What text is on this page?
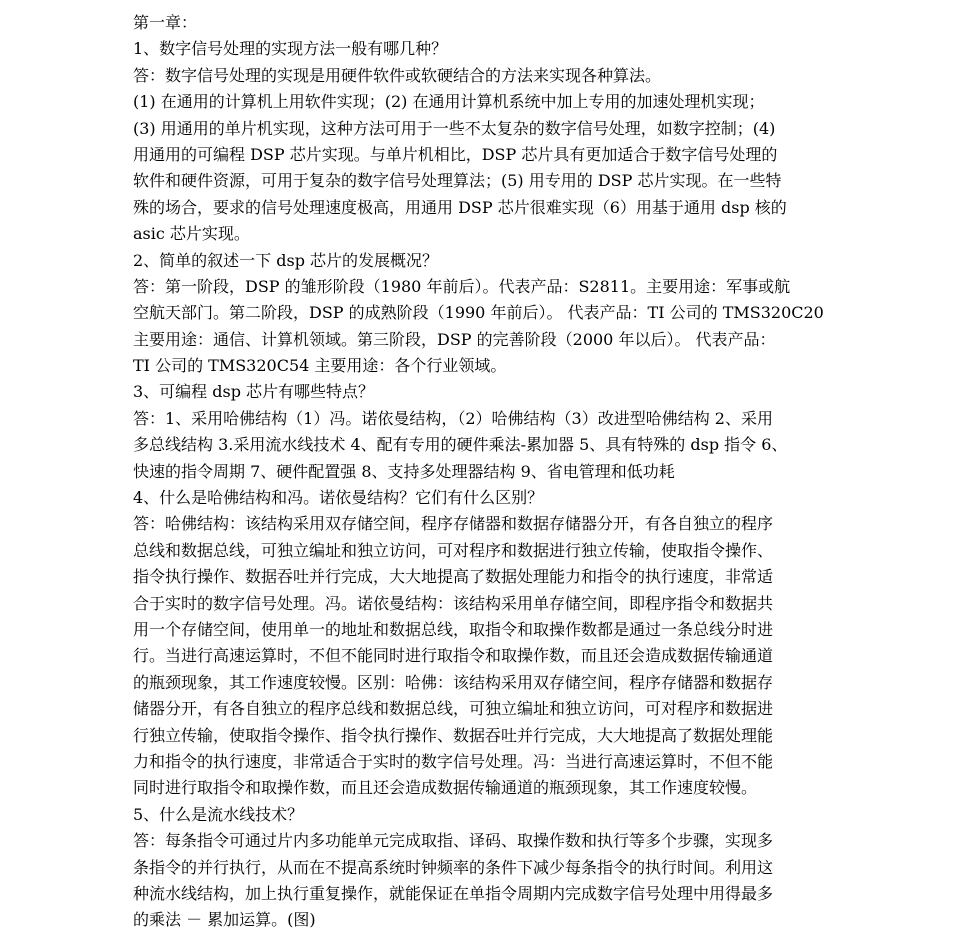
第一章：
1、数字信号处理的实现方法一般有哪几种？
答：数字信号处理的实现是用硬件软件或软硬结合的方法来实现各种算法。
(1) 在通用的计算机上用软件实现；(2) 在通用计算机系统中加上专用的加速处理机实现；
(3) 用通用的单片机实现，这种方法可用于一些不太复杂的数字信号处理，如数字控制；(4)
用通用的可编程 DSP 芯片实现。与单片机相比，DSP 芯片具有更加适合于数字信号处理的
软件和硬件资源，可用于复杂的数字信号处理算法；(5) 用专用的 DSP 芯片实现。在一些特
殊的场合，要求的信号处理速度极高，用通用 DSP 芯片很难实现（6）用基于通用 dsp 核的
asic 芯片实现。
2、简单的叙述一下 dsp 芯片的发展概况？
答：第一阶段，DSP 的雏形阶段（1980 年前后）。代表产品：S2811。主要用途：军事或航
空航天部门。第二阶段，DSP 的成熟阶段（1990 年前后）。 代表产品：TI 公司的 TMS320C20
主要用途：通信、计算机领域。第三阶段，DSP 的完善阶段（2000 年以后）。 代表产品：
TI 公司的 TMS320C54 主要用途：各个行业领域。
3、可编程 dsp 芯片有哪些特点？
答：1、采用哈佛结构（1）冯。诺依曼结构，（2）哈佛结构（3）改进型哈佛结构 2、采用
多总线结构 3.采用流水线技术 4、配有专用的硬件乘法-累加器 5、具有特殊的 dsp 指令 6、
快速的指令周期 7、硬件配置强 8、支持多处理器结构 9、省电管理和低功耗
4、什么是哈佛结构和冯。诺依曼结构？它们有什么区别？
答：哈佛结构：该结构采用双存储空间，程序存储器和数据存储器分开，有各自独立的程序
总线和数据总线，可独立编址和独立访问，可对程序和数据进行独立传输，使取指令操作、
指令执行操作、数据吞吐并行完成，大大地提高了数据处理能力和指令的执行速度，非常适
合于实时的数字信号处理。冯。诺依曼结构：该结构采用单存储空间，即程序指令和数据共
用一个存储空间，使用单一的地址和数据总线，取指令和取操作数都是通过一条总线分时进
行。当进行高速运算时，不但不能同时进行取指令和取操作数，而且还会造成数据传输通道
的瓶颈现象，其工作速度较慢。区别：哈佛：该结构采用双存储空间，程序存储器和数据存
储器分开，有各自独立的程序总线和数据总线，可独立编址和独立访问，可对程序和数据进
行独立传输，使取指令操作、指令执行操作、数据吞吐并行完成，大大地提高了数据处理能
力和指令的执行速度，非常适合于实时的数字信号处理。冯：当进行高速运算时，不但不能
同时进行取指令和取操作数，而且还会造成数据传输通道的瓶颈现象，其工作速度较慢。
5、什么是流水线技术？
答：每条指令可通过片内多功能单元完成取指、译码、取操作数和执行等多个步骤，实现多
条指令的并行执行，从而在不提高系统时钟频率的条件下减少每条指令的执行时间。利用这
种流水线结构，加上执行重复操作，就能保证在单指令周期内完成数字信号处理中用得最多
的乘法 － 累加运算。(图)
